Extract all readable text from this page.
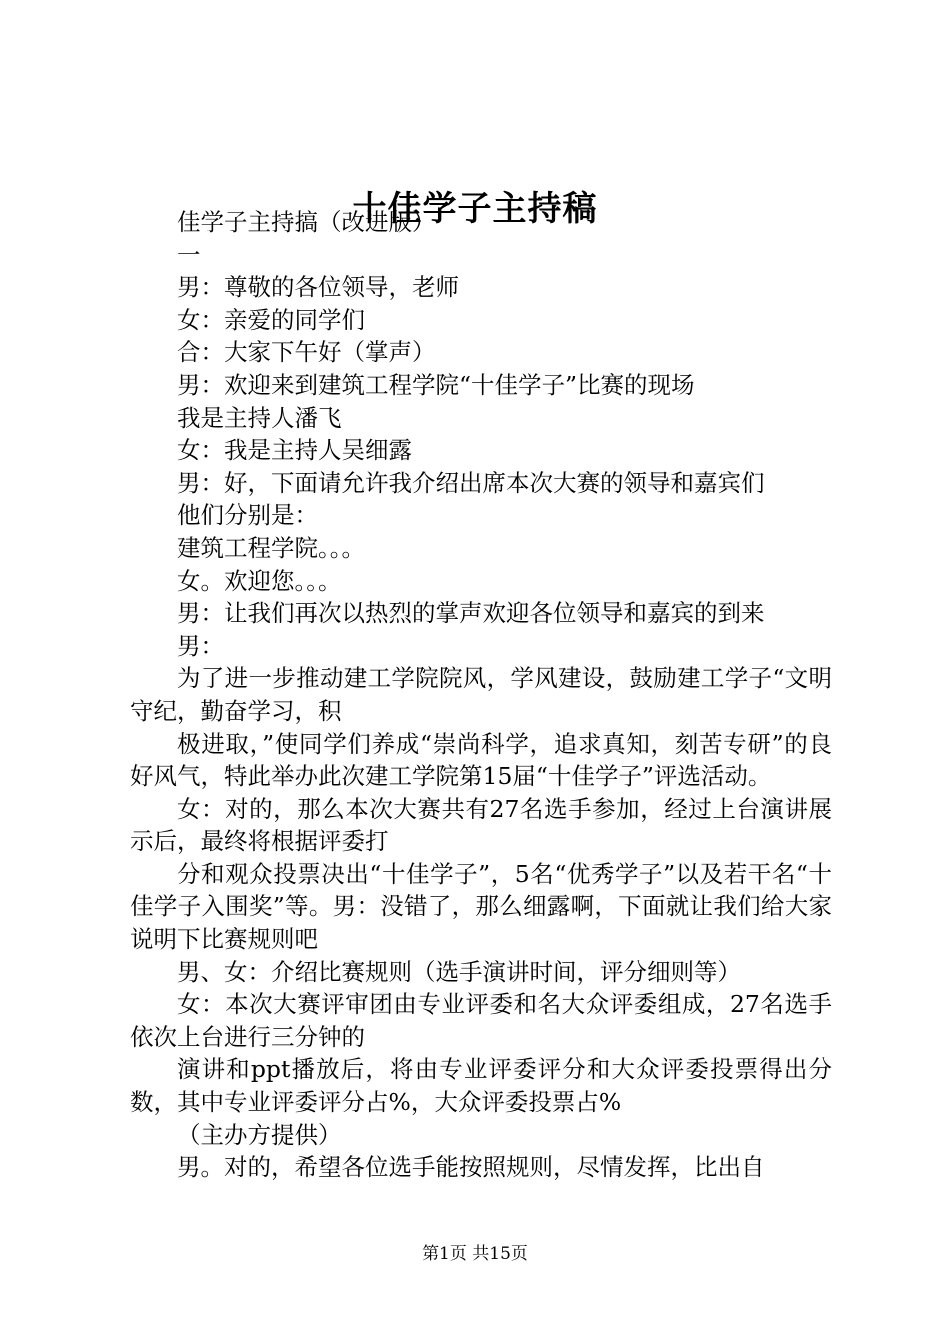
十佳学子主持稿
佳学子主持搞（改进版）
一
男：尊敬的各位领导，老师
女：亲爱的同学们
合：大家下午好（掌声）
男：欢迎来到建筑工程学院“十佳学子”比赛的现场
我是主持人潘飞
女：我是主持人吴细露
男：好，下面请允许我介绍出席本次大赛的领导和嘉宾们
他们分别是：
建筑工程学院。。。
女。欢迎您。。。
男：让我们再次以热烈的掌声欢迎各位领导和嘉宾的到来
男：
为了进一步推动建工学院院风，学风建设，鼓励建工学子“文明守纪，勤奋学习，积
极进取，”使同学们养成“崇尚科学，追求真知，刻苦专研”的良好风气，特此举办此次建工学院第15届“十佳学子”评选活动。
女：对的，那么本次大赛共有27名选手参加，经过上台演讲展示后，最终将根据评委打
分和观众投票决出“十佳学子”，5名“优秀学子”以及若干名“十佳学子入围奖”等。男：没错了，那么细露啊，下面就让我们给大家说明下比赛规则吧
男、女：介绍比赛规则（选手演讲时间，评分细则等）
女：本次大赛评审团由专业评委和名大众评委组成，27名选手依次上台进行三分钟的
演讲和ppt播放后，将由专业评委评分和大众评委投票得出分数，其中专业评委评分占%，大众评委投票占%
（主办方提供）
男。对的，希望各位选手能按照规则，尽情发挥，比出自
第1页 共15页
